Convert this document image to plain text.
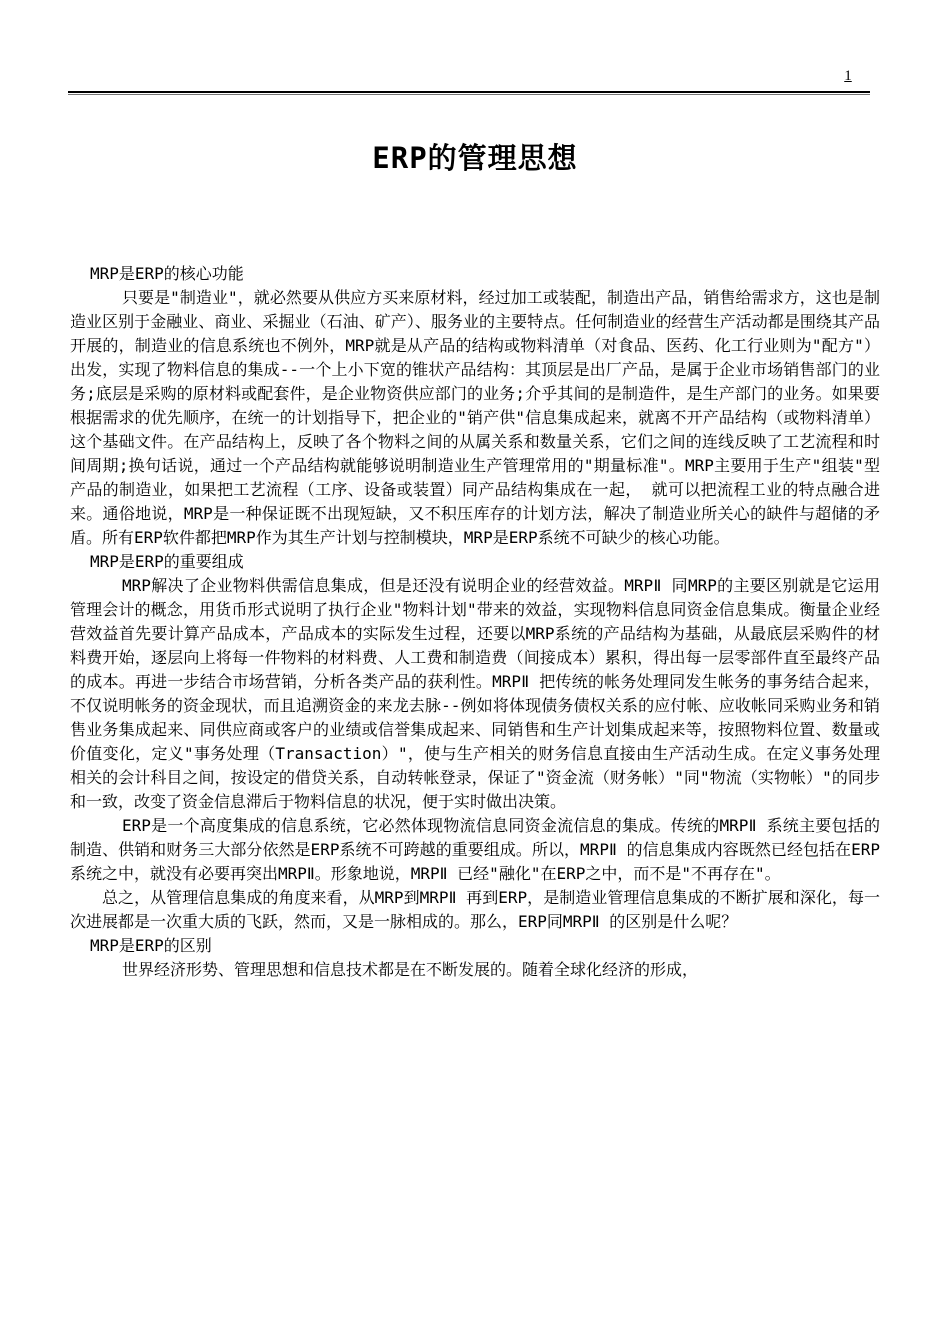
1
ERP的管理思想

MRP是ERP的核心功能

只要是"制造业"，就必然要从供应方买来原材料，经过加工或装配，制造出产品，销售给需求方，这也是制造业区别于金融业、商业、采掘业（石油、矿产）、服务业的主要特点。任何制造业的经营生产活动都是围绕其产品开展的，制造业的信息系统也不例外，MRP就是从产品的结构或物料清单（对食品、医药、化工行业则为"配方"）出发，实现了物料信息的集成--一个上小下宽的锥状产品结构：其顶层是出厂产品，是属于企业市场销售部门的业务;底层是采购的原材料或配套件，是企业物资供应部门的业务;介乎其间的是制造件，是生产部门的业务。如果要根据需求的优先顺序，在统一的计划指导下，把企业的"销产供"信息集成起来，就离不开产品结构（或物料清单）这个基础文件。在产品结构上，反映了各个物料之间的从属关系和数量关系，它们之间的连线反映了工艺流程和时间周期;换句话说，通过一个产品结构就能够说明制造业生产管理常用的"期量标准"。MRP主要用于生产"组装"型产品的制造业，如果把工艺流程（工序、设备或装置）同产品结构集成在一起， 就可以把流程工业的特点融合进来。通俗地说，MRP是一种保证既不出现短缺，又不积压库存的计划方法，解决了制造业所关心的缺件与超储的矛盾。所有ERP软件都把MRP作为其生产计划与控制模块，MRP是ERP系统不可缺少的核心功能。

MRP是ERP的重要组成

MRP解决了企业物料供需信息集成，但是还没有说明企业的经营效益。MRPⅡ 同MRP的主要区别就是它运用管理会计的概念，用货币形式说明了执行企业"物料计划"带来的效益，实现物料信息同资金信息集成。衡量企业经营效益首先要计算产品成本，产品成本的实际发生过程，还要以MRP系统的产品结构为基础，从最底层采购件的材料费开始，逐层向上将每一件物料的材料费、人工费和制造费（间接成本）累积，得出每一层零部件直至最终产品的成本。再进一步结合市场营销，分析各类产品的获利性。MRPⅡ 把传统的帐务处理同发生帐务的事务结合起来，不仅说明帐务的资金现状，而且追溯资金的来龙去脉--例如将体现债务债权关系的应付帐、应收帐同采购业务和销售业务集成起来、同供应商或客户的业绩或信誉集成起来、同销售和生产计划集成起来等，按照物料位置、数量或价值变化，定义"事务处理（Transaction）"，使与生产相关的财务信息直接由生产活动生成。在定义事务处理相关的会计科目之间，按设定的借贷关系，自动转帐登录，保证了"资金流（财务帐）"同"物流（实物帐）"的同步和一致，改变了资金信息滞后于物料信息的状况，便于实时做出决策。

ERP是一个高度集成的信息系统，它必然体现物流信息同资金流信息的集成。传统的MRPⅡ 系统主要包括的制造、供销和财务三大部分依然是ERP系统不可跨越的重要组成。所以，MRPⅡ 的信息集成内容既然已经包括在ERP系统之中，就没有必要再突出MRPⅡ。形象地说，MRPⅡ 已经"融化"在ERP之中，而不是"不再存在"。

总之，从管理信息集成的角度来看，从MRP到MRPⅡ 再到ERP，是制造业管理信息集成的不断扩展和深化，每一次进展都是一次重大质的飞跃，然而，又是一脉相成的。那么，ERP同MRPⅡ 的区别是什么呢？

MRP是ERP的区别

世界经济形势、管理思想和信息技术都是在不断发展的。随着全球化经济的形成，
